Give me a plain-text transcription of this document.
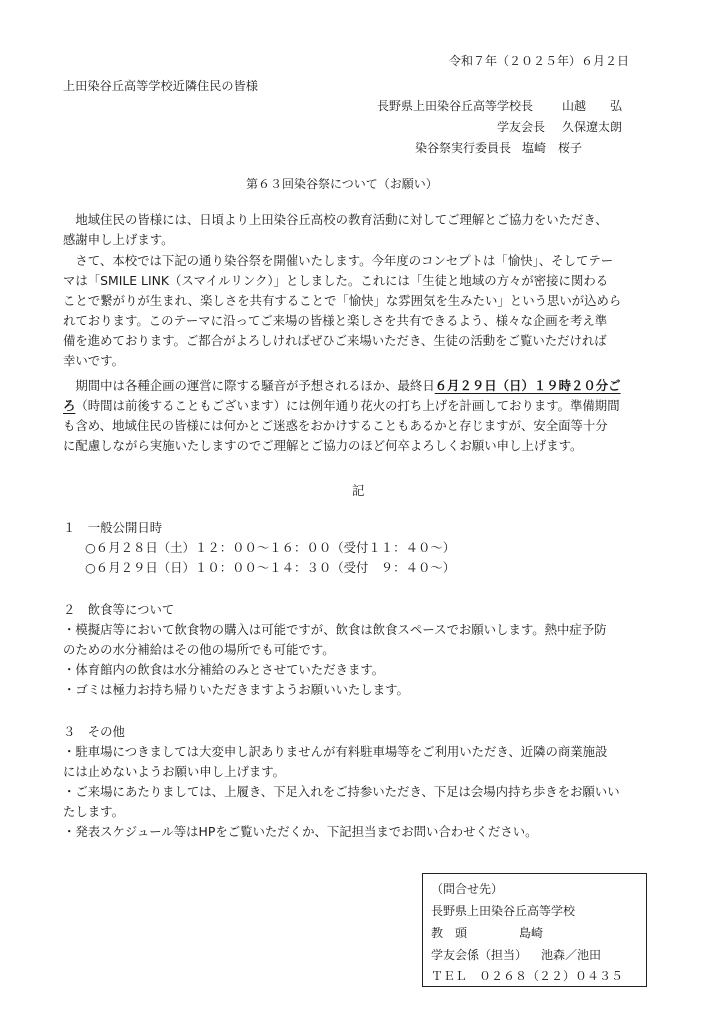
令和７年（２０２５年）６月２日
上田染谷丘高等学校近隣住民の皆様
長野県上田染谷丘高等学校長 山越　　弘
学友会長 久保遼太朗
染谷祭実行委員長 塩崎　桜子
第６３回染谷祭について（お願い）
　地域住民の皆様には、日頃より上田染谷丘高校の教育活動に対してご理解とご協力をいただき、
感謝申し上げます。
　さて、本校では下記の通り染谷祭を開催いたします。今年度のコンセプトは「愉快」、そしてテー
マは「SMILE LINK（スマイルリンク）」としました。これには「生徒と地域の方々が密接に関わる
ことで繋がりが生まれ、楽しさを共有することで「愉快」な雰囲気を生みたい」という思いが込めら
れております。このテーマに沿ってご来場の皆様と楽しさを共有できるよう、様々な企画を考え準
備を進めております。ご都合がよろしければぜひご来場いただき、生徒の活動をご覧いただければ
幸いです。
　期間中は各種企画の運営に際する騒音が予想されるほか、最終日６月２９日（日）１９時２０分ご
ろ（時間は前後することもございます）には例年通り花火の打ち上げを計画しております。準備期間
も含め、地域住民の皆様には何かとご迷惑をおかけすることもあるかと存じますが、安全面等十分
に配慮しながら実施いたしますのでご理解とご協力のほど何卒よろしくお願い申し上げます。
記
１　一般公開日時
○６月２８日（土）１２：００～１６：００（受付１１：４０～）
○６月２９日（日）１０：００～１４：３０（受付　９：４０～）
２　飲食等について
・模擬店等において飲食物の購入は可能ですが、飲食は飲食スペースでお願いします。熱中症予防
のための水分補給はその他の場所でも可能です。
・体育館内の飲食は水分補給のみとさせていただきます。
・ゴミは極力お持ち帰りいただきますようお願いいたします。
３　その他
・駐車場につきましては大変申し訳ありませんが有料駐車場等をご利用いただき、近隣の商業施設
には止めないようお願い申し上げます。
・ご来場にあたりましては、上履き、下足入れをご持参いただき、下足は会場内持ち歩きをお願いい
たします。
・発表スケジュール等はHPをご覧いただくか、下記担当までお問い合わせください。
（問合せ先）
長野県上田染谷丘高等学校
教　頭	島崎
学友会係（担当） 池森／池田
ＴＥＬ　０２６８（２２）０４３５
